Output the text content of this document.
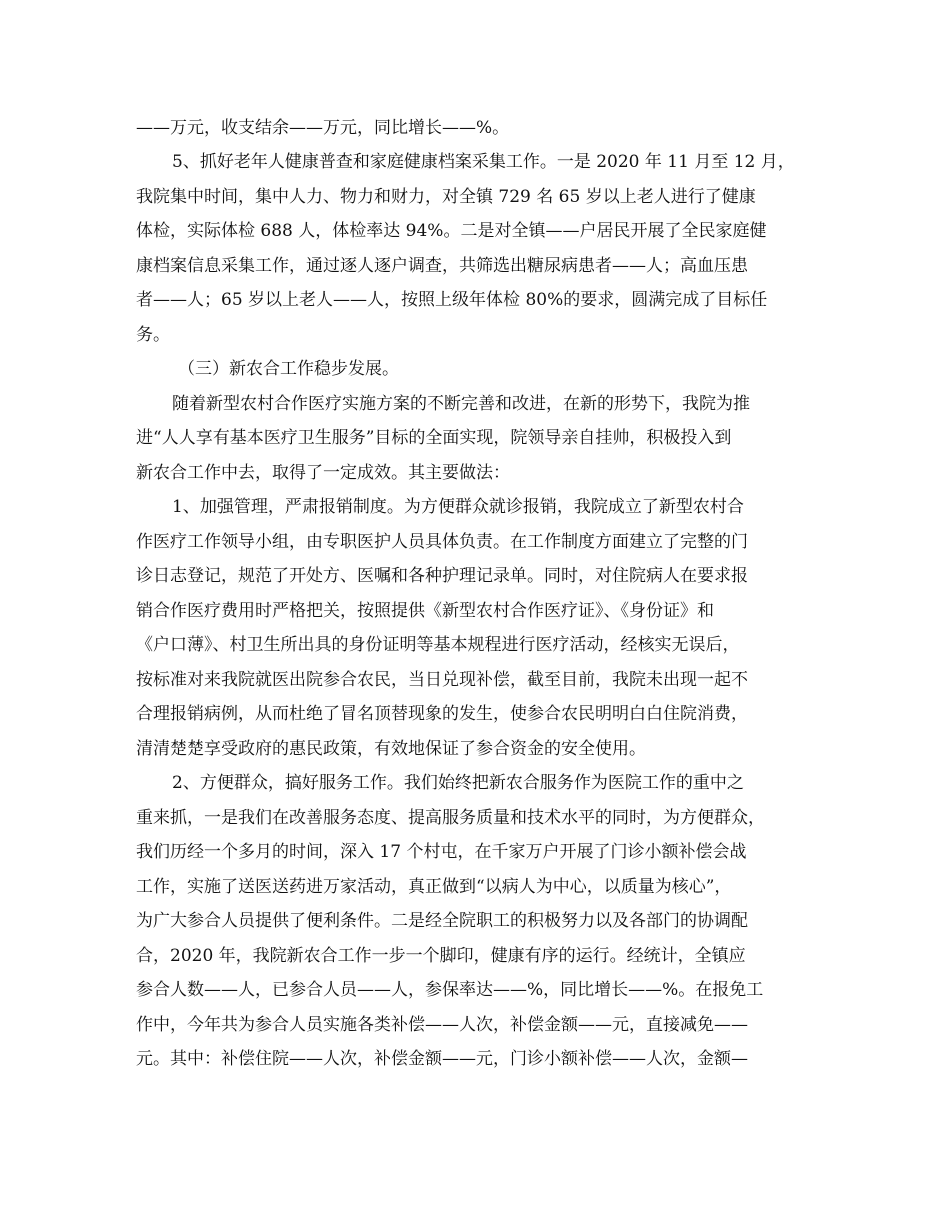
——万元，收支结余——万元，同比增长——%。
5、抓好老年人健康普查和家庭健康档案采集工作。一是 2020 年 11 月至 12 月，
我院集中时间，集中人力、物力和财力，对全镇 729 名 65 岁以上老人进行了健康
体检，实际体检 688 人，体检率达 94%。二是对全镇——户居民开展了全民家庭健
康档案信息采集工作，通过逐人逐户调查，共筛选出糖尿病患者——人；高血压患
者——人；65 岁以上老人——人，按照上级年体检 80%的要求，圆满完成了目标任
务。
（三）新农合工作稳步发展。
随着新型农村合作医疗实施方案的不断完善和改进，在新的形势下，我院为推
进“人人享有基本医疗卫生服务”目标的全面实现，院领导亲自挂帅，积极投入到
新农合工作中去，取得了一定成效。其主要做法：
1、加强管理，严肃报销制度。为方便群众就诊报销，我院成立了新型农村合
作医疗工作领导小组，由专职医护人员具体负责。在工作制度方面建立了完整的门
诊日志登记，规范了开处方、医嘱和各种护理记录单。同时，对住院病人在要求报
销合作医疗费用时严格把关，按照提供《新型农村合作医疗证》、《身份证》和
《户口薄》、村卫生所出具的身份证明等基本规程进行医疗活动，经核实无误后，
按标准对来我院就医出院参合农民，当日兑现补偿，截至目前，我院未出现一起不
合理报销病例，从而杜绝了冒名顶替现象的发生，使参合农民明明白白住院消费，
清清楚楚享受政府的惠民政策，有效地保证了参合资金的安全使用。
2、方便群众，搞好服务工作。我们始终把新农合服务作为医院工作的重中之
重来抓，一是我们在改善服务态度、提高服务质量和技术水平的同时，为方便群众，
我们历经一个多月的时间，深入 17 个村屯，在千家万户开展了门诊小额补偿会战
工作，实施了送医送药进万家活动，真正做到“以病人为中心，以质量为核心”，
为广大参合人员提供了便利条件。二是经全院职工的积极努力以及各部门的协调配
合，2020 年，我院新农合工作一步一个脚印，健康有序的运行。经统计，全镇应
参合人数——人，已参合人员——人，参保率达——%，同比增长——%。在报免工
作中，今年共为参合人员实施各类补偿——人次，补偿金额——元，直接减免——
元。其中：补偿住院——人次，补偿金额——元，门诊小额补偿——人次，金额—
